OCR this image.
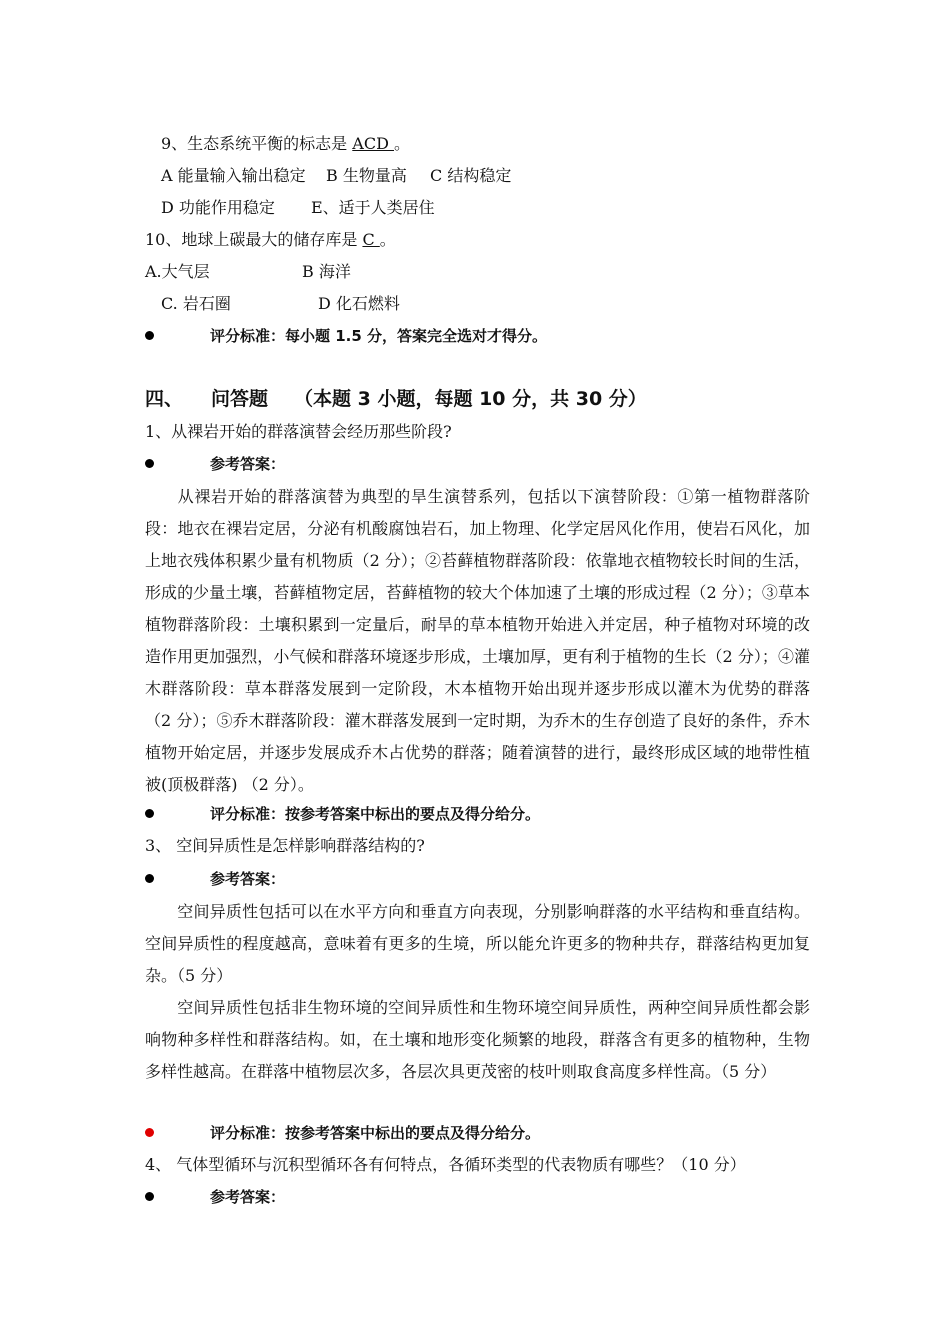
9、生态系统平衡的标志是 ACD 。
A 能量输入输出稳定 B 生物量高 C 结构稳定
D 功能作用稳定 E、适于人类居住
10、地球上碳最大的储存库是 C 。
A.大气层	B 海洋
C. 岩石圈	D 化石燃料
评分标准：每小题 1.5 分，答案完全选对才得分。
四、 问答题 （本题 3 小题，每题 10 分，共 30 分）
1、从裸岩开始的群落演替会经历那些阶段?
参考答案：
从裸岩开始的群落演替为典型的旱生演替系列，包括以下演替阶段：①第一植物群落阶段：地衣在裸岩定居，分泌有机酸腐蚀岩石，加上物理、化学定居风化作用，使岩石风化，加上地衣残体积累少量有机物质（2 分）；②苔藓植物群落阶段：依靠地衣植物较长时间的生活，形成的少量土壤，苔藓植物定居，苔藓植物的较大个体加速了土壤的形成过程（2 分）；③草本植物群落阶段：土壤积累到一定量后，耐旱的草本植物开始进入并定居，种子植物对环境的改造作用更加强烈，小气候和群落环境逐步形成，土壤加厚，更有利于植物的生长（2 分）；④灌木群落阶段：草本群落发展到一定阶段，木本植物开始出现并逐步形成以灌木为优势的群落（2 分）；⑤乔木群落阶段：灌木群落发展到一定时期，为乔木的生存创造了良好的条件，乔木植物开始定居，并逐步发展成乔木占优势的群落；随着演替的进行，最终形成区域的地带性植被(顶极群落) （2 分）。
评分标准：按参考答案中标出的要点及得分给分。
3、 空间异质性是怎样影响群落结构的?
参考答案：
空间异质性包括可以在水平方向和垂直方向表现，分别影响群落的水平结构和垂直结构。空间异质性的程度越高，意味着有更多的生境，所以能允许更多的物种共存，群落结构更加复杂。（5 分）
空间异质性包括非生物环境的空间异质性和生物环境空间异质性，两种空间异质性都会影响物种多样性和群落结构。如，在土壤和地形变化频繁的地段，群落含有更多的植物种，生物多样性越高。在群落中植物层次多，各层次具更茂密的枝叶则取食高度多样性高。（5 分）
评分标准：按参考答案中标出的要点及得分给分。
4、 气体型循环与沉积型循环各有何特点，各循环类型的代表物质有哪些？（10 分）
参考答案：
